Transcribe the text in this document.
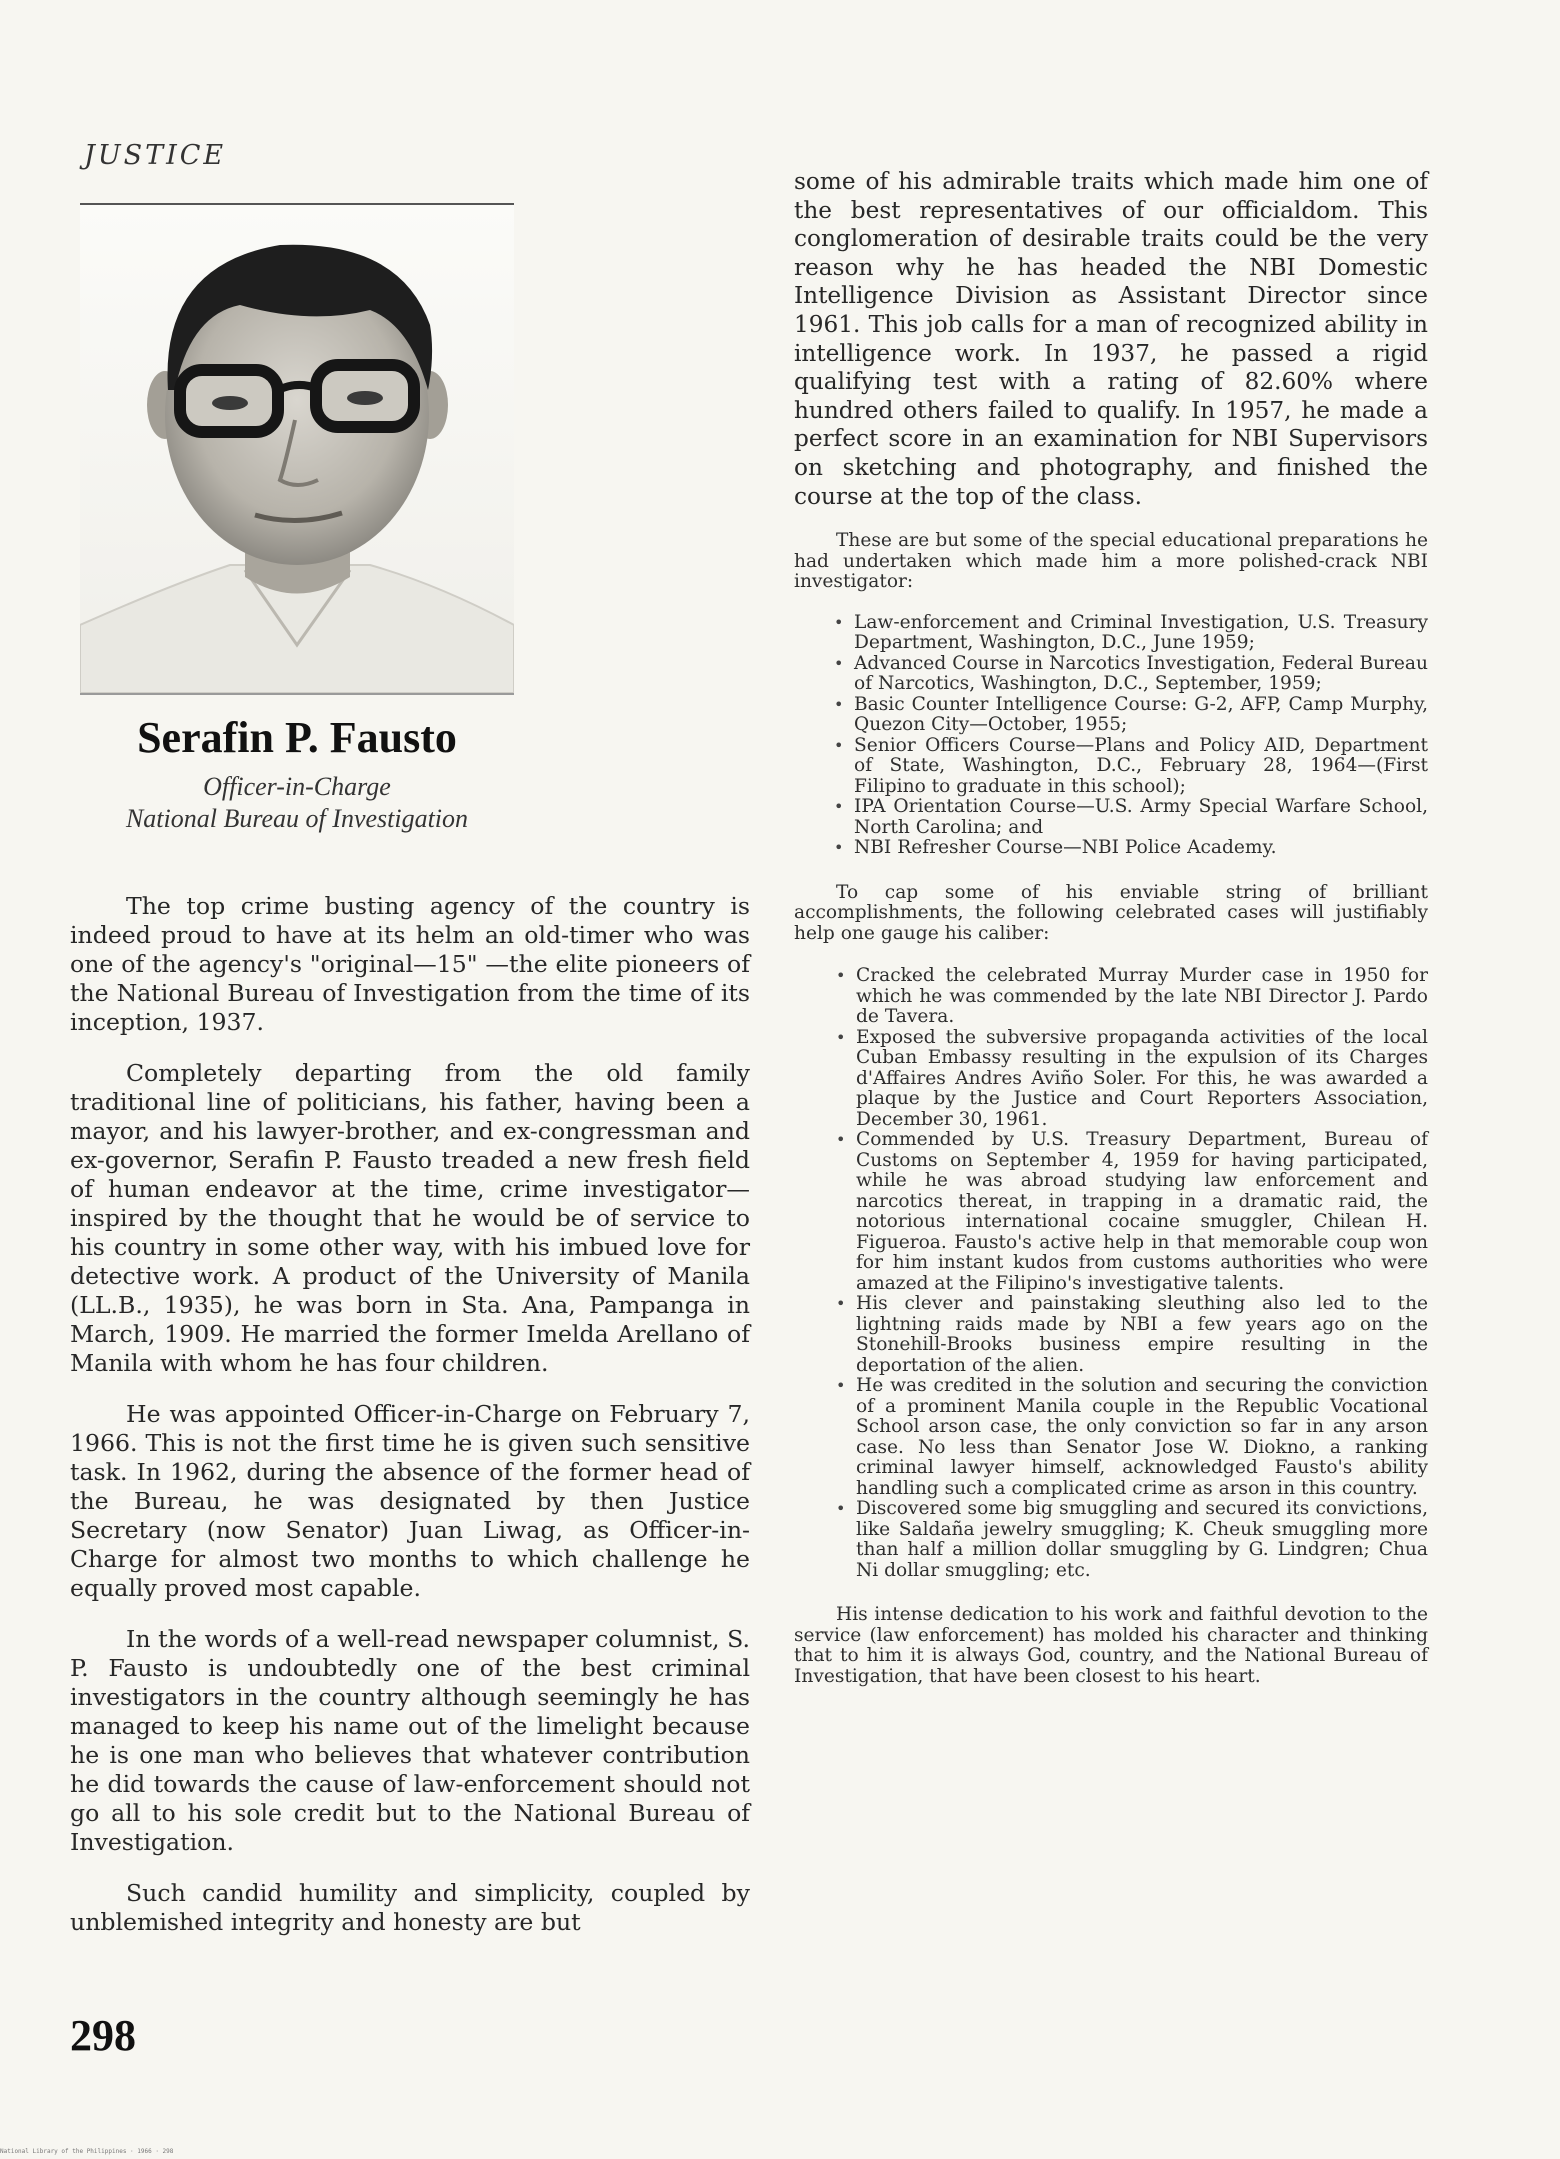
JUSTICE
Serafin P. Fausto
Officer-in-Charge
National Bureau of Investigation

The top crime busting agency of the country is indeed proud to have at its helm an old-timer who was one of the agency's "original—15" —the elite pioneers of the National Bureau of Investigation from the time of its inception, 1937.

Completely departing from the old family traditional line of politicians, his father, having been a mayor, and his lawyer-brother, and ex-congressman and ex-governor, Serafin P. Fausto treaded a new fresh field of human endeavor at the time, crime investigator—inspired by the thought that he would be of service to his country in some other way, with his imbued love for detective work. A product of the University of Manila (LL.B., 1935), he was born in Sta. Ana, Pampanga in March, 1909. He married the former Imelda Arellano of Manila with whom he has four children.

He was appointed Officer-in-Charge on February 7, 1966. This is not the first time he is given such sensitive task. In 1962, during the absence of the former head of the Bureau, he was designated by then Justice Secretary (now Senator) Juan Liwag, as Officer-in-Charge for almost two months to which challenge he equally proved most capable.

In the words of a well-read newspaper columnist, S. P. Fausto is undoubtedly one of the best criminal investigators in the country although seemingly he has managed to keep his name out of the limelight because he is one man who believes that whatever contribution he did towards the cause of law-enforcement should not go all to his sole credit but to the National Bureau of Investigation.

Such candid humility and simplicity, coupled by unblemished integrity and honesty are but

some of his admirable traits which made him one of the best representatives of our officialdom. This conglomeration of desirable traits could be the very reason why he has headed the NBI Domestic Intelligence Division as Assistant Director since 1961. This job calls for a man of recognized ability in intelligence work. In 1937, he passed a rigid qualifying test with a rating of 82.60% where hundred others failed to qualify. In 1957, he made a perfect score in an examination for NBI Supervisors on sketching and photography, and finished the course at the top of the class.

These are but some of the special educational preparations he had undertaken which made him a more polished-crack NBI investigator:

• Law-enforcement and Criminal Investigation, U.S. Treasury Department, Washington, D.C., June 1959;
• Advanced Course in Narcotics Investigation, Federal Bureau of Narcotics, Washington, D.C., September, 1959;
• Basic Counter Intelligence Course: G-2, AFP, Camp Murphy, Quezon City—October, 1955;
• Senior Officers Course—Plans and Policy AID, Department of State, Washington, D.C., February 28, 1964—(First Filipino to graduate in this school);
• IPA Orientation Course—U.S. Army Special Warfare School, North Carolina; and
• NBI Refresher Course—NBI Police Academy.

To cap some of his enviable string of brilliant accomplishments, the following celebrated cases will justifiably help one gauge his caliber:

• Cracked the celebrated Murray Murder case in 1950 for which he was commended by the late NBI Director J. Pardo de Tavera.
• Exposed the subversive propaganda activities of the local Cuban Embassy resulting in the expulsion of its Charges d'Affaires Andres Aviño Soler. For this, he was awarded a plaque by the Justice and Court Reporters Association, December 30, 1961.
• Commended by U.S. Treasury Department, Bureau of Customs on September 4, 1959 for having participated, while he was abroad studying law enforcement and narcotics thereat, in trapping in a dramatic raid, the notorious international cocaine smuggler, Chilean H. Figueroa. Fausto's active help in that memorable coup won for him instant kudos from customs authorities who were amazed at the Filipino's investigative talents.
• His clever and painstaking sleuthing also led to the lightning raids made by NBI a few years ago on the Stonehill-Brooks business empire resulting in the deportation of the alien.
• He was credited in the solution and securing the conviction of a prominent Manila couple in the Republic Vocational School arson case, the only conviction so far in any arson case. No less than Senator Jose W. Diokno, a ranking criminal lawyer himself, acknowledged Fausto's ability handling such a complicated crime as arson in this country.
• Discovered some big smuggling and secured its convictions, like Saldaña jewelry smuggling; K. Cheuk smuggling more than half a million dollar smuggling by G. Lindgren; Chua Ni dollar smuggling; etc.

His intense dedication to his work and faithful devotion to the service (law enforcement) has molded his character and thinking that to him it is always God, country, and the National Bureau of Investigation, that have been closest to his heart.

298
National Library of the Philippines · 1966 · 298
